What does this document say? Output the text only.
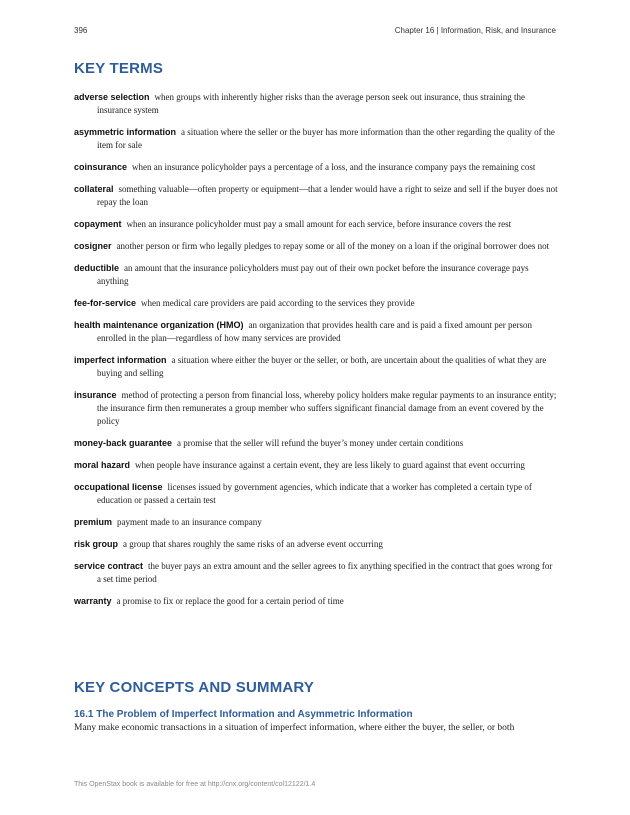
396	Chapter 16 | Information, Risk, and Insurance
KEY TERMS

adverse selection when groups with inherently higher risks than the average person seek out insurance, thus straining the insurance system

asymmetric information a situation where the seller or the buyer has more information than the other regarding the quality of the item for sale

coinsurance when an insurance policyholder pays a percentage of a loss, and the insurance company pays the remaining cost

collateral something valuable—often property or equipment—that a lender would have a right to seize and sell if the buyer does not repay the loan

copayment when an insurance policyholder must pay a small amount for each service, before insurance covers the rest

cosigner another person or firm who legally pledges to repay some or all of the money on a loan if the original borrower does not

deductible an amount that the insurance policyholders must pay out of their own pocket before the insurance coverage pays anything

fee-for-service when medical care providers are paid according to the services they provide

health maintenance organization (HMO) an organization that provides health care and is paid a fixed amount per person enrolled in the plan—regardless of how many services are provided

imperfect information a situation where either the buyer or the seller, or both, are uncertain about the qualities of what they are buying and selling

insurance method of protecting a person from financial loss, whereby policy holders make regular payments to an insurance entity; the insurance firm then remunerates a group member who suffers significant financial damage from an event covered by the policy

money-back guarantee a promise that the seller will refund the buyer’s money under certain conditions

moral hazard when people have insurance against a certain event, they are less likely to guard against that event occurring

occupational license licenses issued by government agencies, which indicate that a worker has completed a certain type of education or passed a certain test

premium payment made to an insurance company

risk group a group that shares roughly the same risks of an adverse event occurring

service contract the buyer pays an extra amount and the seller agrees to fix anything specified in the contract that goes wrong for a set time period

warranty a promise to fix or replace the good for a certain period of time

KEY CONCEPTS AND SUMMARY
16.1 The Problem of Imperfect Information and Asymmetric Information
Many make economic transactions in a situation of imperfect information, where either the buyer, the seller, or both
This OpenStax book is available for free at http://cnx.org/content/col12122/1.4
